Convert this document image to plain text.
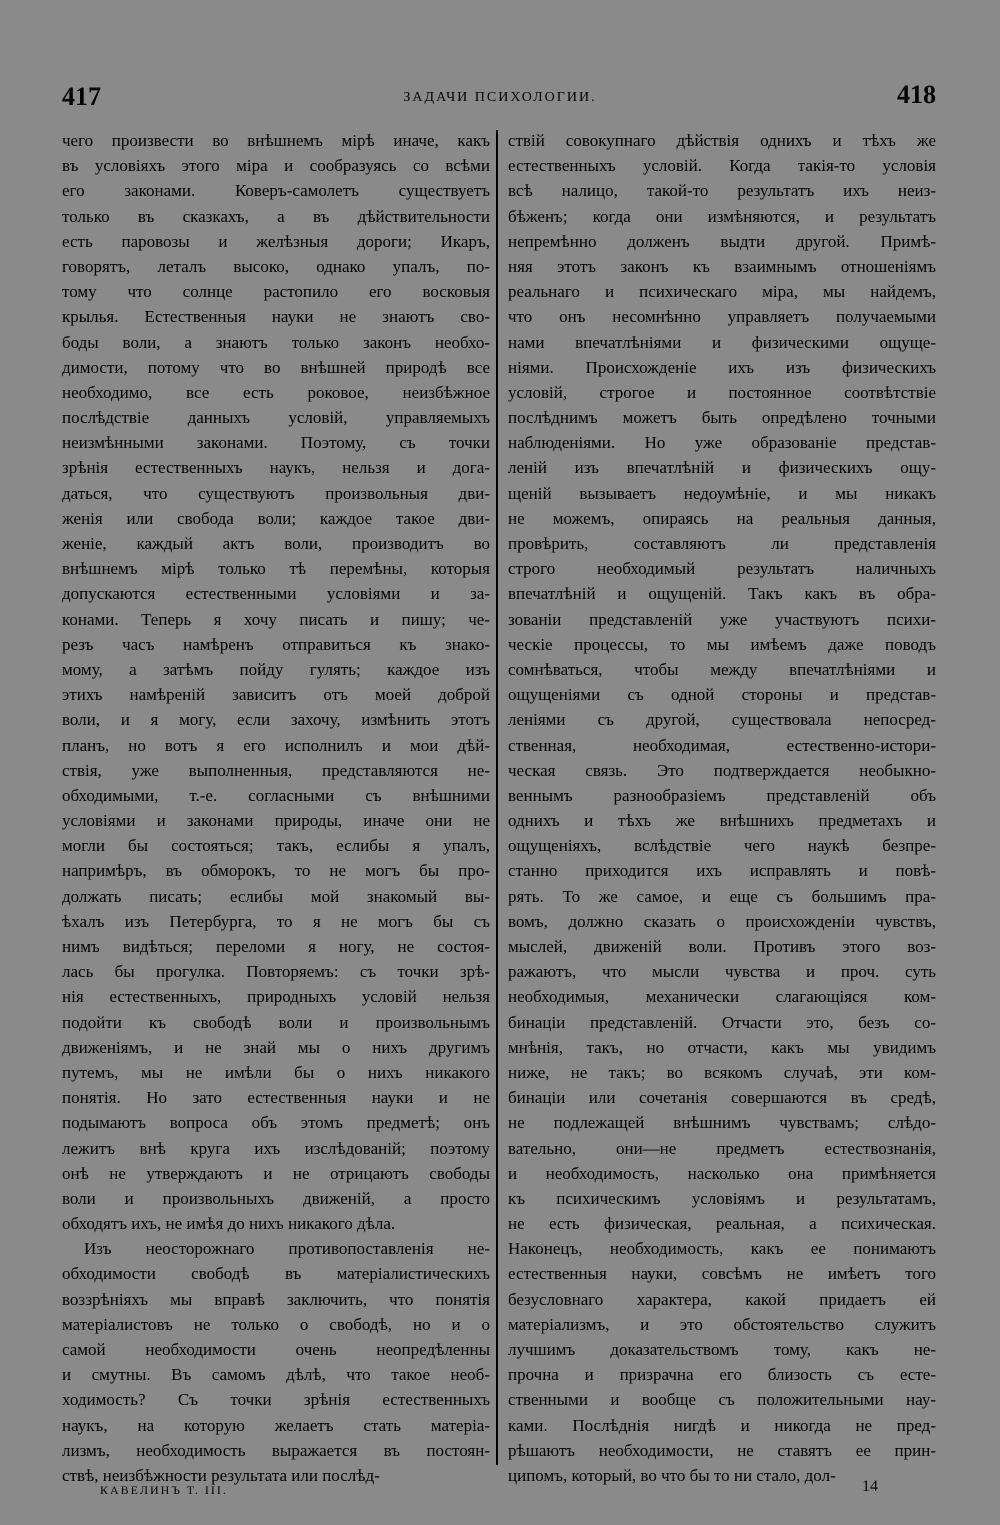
417	ЗАДАЧИ ПСИХОЛОГИИ.	418
чего произвести во внѣшнемъ мірѣ иначе, какъ
въ условіяхъ этого міра и сообразуясь со всѣми
его законами. Коверъ-самолетъ существуетъ
только въ сказкахъ, а въ дѣйствительности
есть паровозы и желѣзныя дороги; Икаръ,
говорятъ, леталъ высоко, однако упалъ, по-
тому что солнце растопило его восковыя
крылья. Естественныя науки не знаютъ сво-
боды воли, а знаютъ только законъ необхо-
димости, потому что во внѣшней природѣ все
необходимо, все есть роковое, неизбѣжное
послѣдствіе данныхъ условій, управляемыхъ
неизмѣнными законами. Поэтому, съ точки
зрѣнія естественныхъ наукъ, нельзя и дога-
даться, что существуютъ произвольныя дви-
женія или свобода воли; каждое такое дви-
женіе, каждый актъ воли, производитъ во
внѣшнемъ мірѣ только тѣ перемѣны, которыя
допускаются естественными условіями и за-
конами. Теперь я хочу писать и пишу; че-
резъ часъ намѣренъ отправиться къ знако-
мому, а затѣмъ пойду гулять; каждое изъ
этихъ намѣреній зависитъ отъ моей доброй
воли, и я могу, если захочу, измѣнить этотъ
планъ, но вотъ я его исполнилъ и мои дѣй-
ствія, уже выполненныя, представляются не-
обходимыми, т.-е. согласными съ внѣшними
условіями и законами природы, иначе они не
могли бы состояться; такъ, еслибы я упалъ,
напримѣръ, въ обморокъ, то не могъ бы про-
должать писать; еслибы мой знакомый вы-
ѣхалъ изъ Петербурга, то я не могъ бы съ
нимъ видѣться; переломи я ногу, не состоя-
лась бы прогулка. Повторяемъ: съ точки зрѣ-
нія естественныхъ, природныхъ условій нельзя
подойти къ свободѣ воли и произвольнымъ
движеніямъ, и не знай мы о нихъ другимъ
путемъ, мы не имѣли бы о нихъ никакого
понятія. Но зато естественныя науки и не
подымаютъ вопроса объ этомъ предметѣ; онъ
лежитъ внѣ круга ихъ изслѣдованій; поэтому
онѣ не утверждаютъ и не отрицаютъ свободы
воли и произвольныхъ движеній, а просто
обходятъ ихъ, не имѣя до нихъ никакого дѣла.
Изъ неосторожнаго противопоставленія не-
обходимости свободѣ въ матеріалистическихъ
воззрѣніяхъ мы вправѣ заключить, что понятія
матеріалистовъ не только о свободѣ, но и о
самой необходимости очень неопредѣленны
и смутны. Въ самомъ дѣлѣ, что такое необ-
ходимость? Съ точки зрѣнія естественныхъ
наукъ, на которую желаетъ стать матеріа-
лизмъ, необходимость выражается въ постоян-
ствѣ, неизбѣжности результата или послѣд-
ствій совокупнаго дѣйствія однихъ и тѣхъ же
естественныхъ условій. Когда такія-то условія
всѣ налицо, такой-то результатъ ихъ неиз-
бѣженъ; когда они измѣняются, и результатъ
непремѣнно долженъ выдти другой. Примѣ-
няя этотъ законъ къ взаимнымъ отношеніямъ
реальнаго и психическаго міра, мы найдемъ,
что онъ несомнѣнно управляетъ получаемыми
нами впечатлѣніями и физическими ощуще-
ніями. Происхожденіе ихъ изъ физическихъ
условій, строгое и постоянное соотвѣтствіе
послѣднимъ можетъ быть опредѣлено точными
наблюденіями. Но уже образованіе представ-
леній изъ впечатлѣній и физическихъ ощу-
щеній вызываетъ недоумѣніе, и мы никакъ
не можемъ, опираясь на реальныя данныя,
провѣрить, составляютъ ли представленія
строго необходимый результатъ наличныхъ
впечатлѣній и ощущеній. Такъ какъ въ обра-
зованіи представленій уже участвуютъ психи-
ческіе процессы, то мы имѣемъ даже поводъ
сомнѣваться, чтобы между впечатлѣніями и
ощущеніями съ одной стороны и представ-
леніями съ другой, существовала непосред-
ственная, необходимая, естественно-истори-
ческая связь. Это подтверждается необыкно-
веннымъ разнообразіемъ представленій объ
однихъ и тѣхъ же внѣшнихъ предметахъ и
ощущеніяхъ, вслѣдствіе чего наукѣ безпре-
станно приходится ихъ исправлять и повѣ-
рять. То же самое, и еще съ большимъ пра-
вомъ, должно сказать о происхожденіи чувствъ,
мыслей, движеній воли. Противъ этого воз-
ражаютъ, что мысли чувства и проч. суть
необходимыя, механически слагающіяся ком-
бинаціи представленій. Отчасти это, безъ со-
мнѣнія, такъ, но отчасти, какъ мы увидимъ
ниже, не такъ; во всякомъ случаѣ, эти ком-
бинаціи или сочетанія совершаются въ средѣ,
не подлежащей внѣшнимъ чувствамъ; слѣдо-
вательно, они—не предметъ естествознанія,
и необходимость, насколько она примѣняется
къ психическимъ условіямъ и результатамъ,
не есть физическая, реальная, а психическая.
Наконецъ, необходимость, какъ ее понимаютъ
естественныя науки, совсѣмъ не имѣетъ того
безусловнаго характера, какой придаетъ ей
матеріализмъ, и это обстоятельство служитъ
лучшимъ доказательствомъ тому, какъ не-
прочна и призрачна его близость съ есте-
ственными и вообще съ положительными нау-
ками. Послѣднія нигдѣ и никогда не пред-
рѣшаютъ необходимости, не ставятъ ее прин-
ципомъ, который, во что бы то ни стало, дол-
КАВЕЛИНЪ Т. III.	14
